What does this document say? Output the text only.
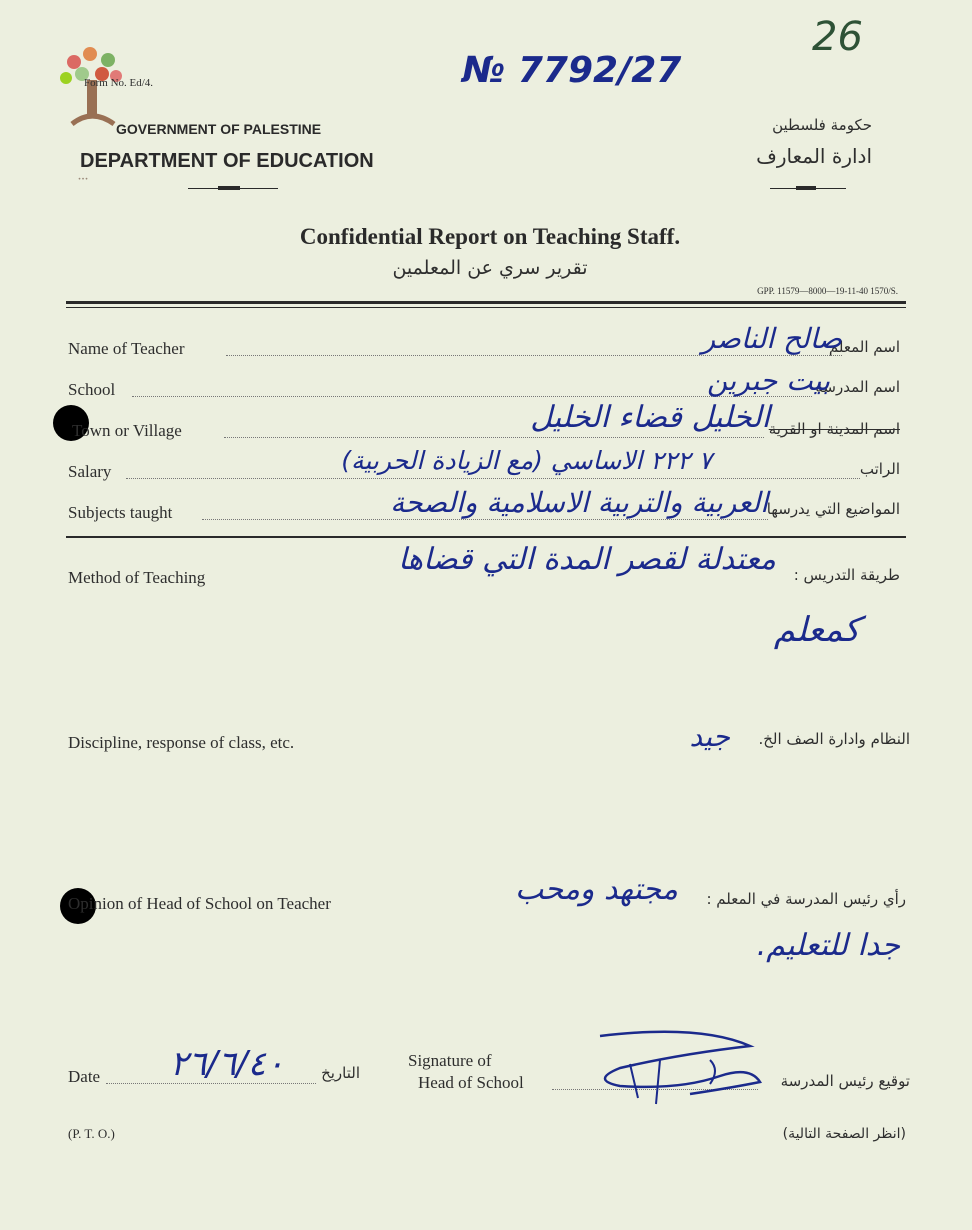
•••
Form No. Ed/4.	№ 7792/27
26
GOVERNMENT OF PALESTINE
DEPARTMENT OF EDUCATION
حكومة فلسطين
ادارة المعارف
Confidential Report on Teaching Staff.
تقرير سري عن المعلمين
GPP. 11579—8000—19-11-40 1570/S.
Name of Teacher	اسم المعلم
صالح الناصر
School	اسم المدرسة
بيت جبرين
Town or Village	اسم المدينة او القرية
الخليل قضاء الخليل
Salary	الراتب
٧ ٢٢٢ الاساسي (مع الزيادة الحربية)
Subjects taught	المواضيع التي يدرسها
العربية والتربية الاسلامية والصحة
Method of Teaching	طريقة التدريس :
معتدلة لقصر المدة التي قضاها
كمعلم
Discipline, response of class, etc.	النظام وادارة الصف الخ.
جيد
Opinion of Head of School on Teacher	رأي رئيس المدرسة في المعلم :
مجتهد ومحب
جدا للتعليم.
Date	التاريخ
٢٦/٦/٤٠	Signature of
Head of School	توقيع رئيس المدرسة
(P. T. O.)	(انظر الصفحة التالية)
